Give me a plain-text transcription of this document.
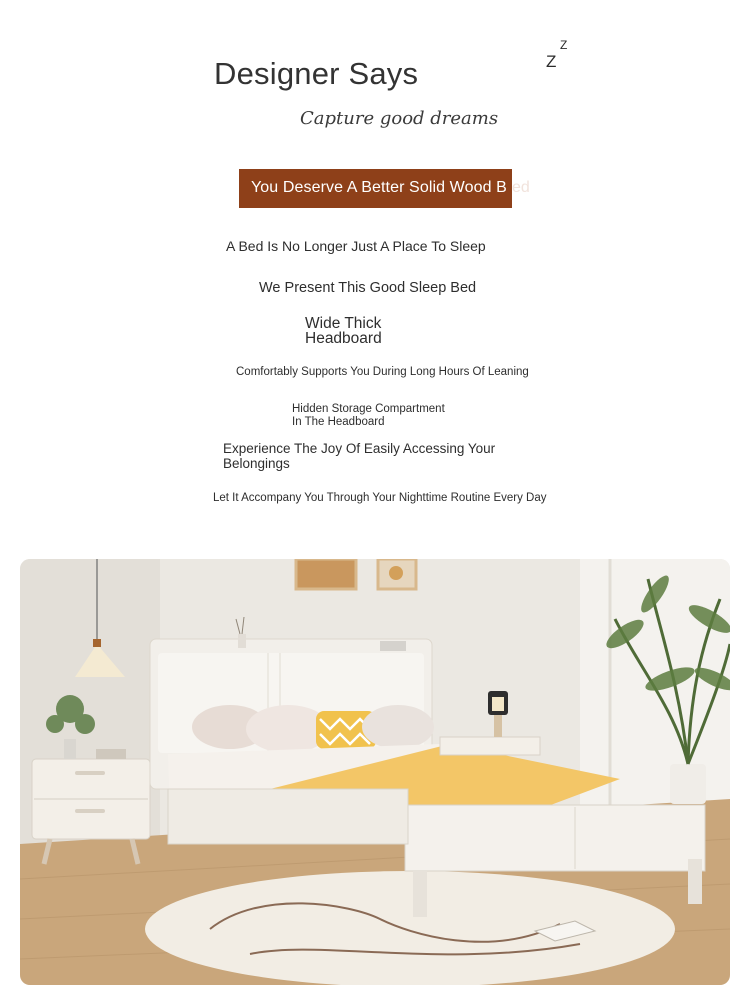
Designer Says	Z
Z
Capture good dreams
You Deserve A Better Solid Wood B ed
A Bed Is No Longer Just A Place To Sleep
We Present This Good Sleep Bed
Wide Thick
Headboard
Comfortably Supports You During Long Hours Of Leaning
Hidden Storage Compartment
In The Headboard
Experience The Joy Of Easily Accessing Your
Belongings
Let It Accompany You Through Your Nighttime Routine Every Day
